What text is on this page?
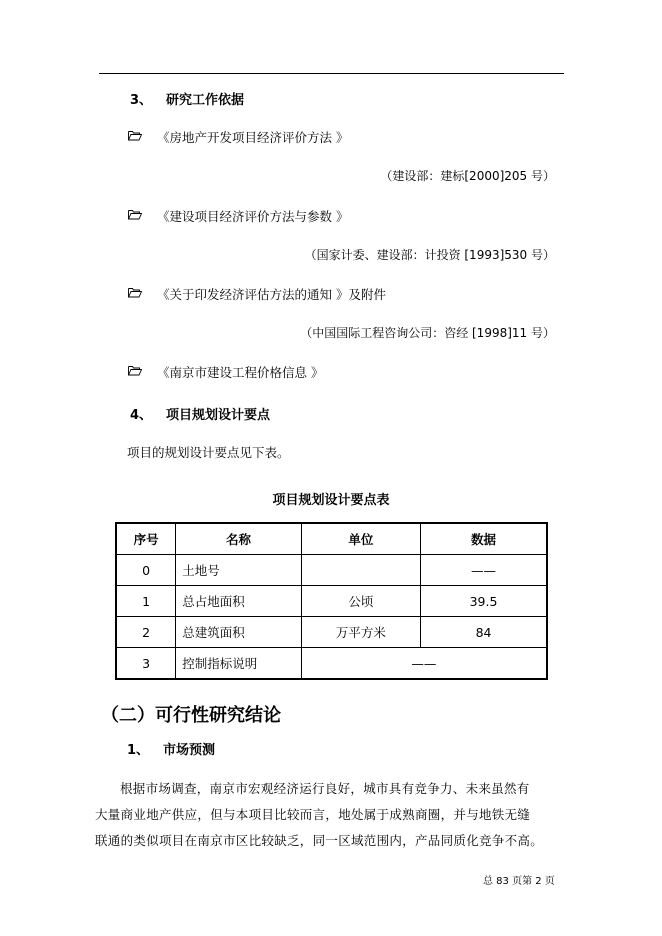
3、 研究工作依据
《房地产开发项目经济评价方法 》
（建设部：建标[2000]205 号）
《建设项目经济评价方法与参数 》
（国家计委、建设部：计投资 [1993]530 号）
《关于印发经济评估方法的通知 》及附件
（中国国际工程咨询公司：咨经 [1998]11 号）
《南京市建设工程价格信息 》
4、 项目规划设计要点
项目的规划设计要点见下表。
项目规划设计要点表
序号	名称	单位	数据
0	土地号		——
1	总占地面积	公顷	39.5
2	总建筑面积	万平方米	84
3	控制指标说明	——	
（二）可行性研究结论
1、 市场预测
根据市场调查，南京市宏观经济运行良好，城市具有竞争力、未来虽然有
大量商业地产供应，但与本项目比较而言，地处属于成熟商圈，并与地铁无缝
联通的类似项目在南京市区比较缺乏，同一区域范围内，产品同质化竞争不高。
总 83 页第 2 页
